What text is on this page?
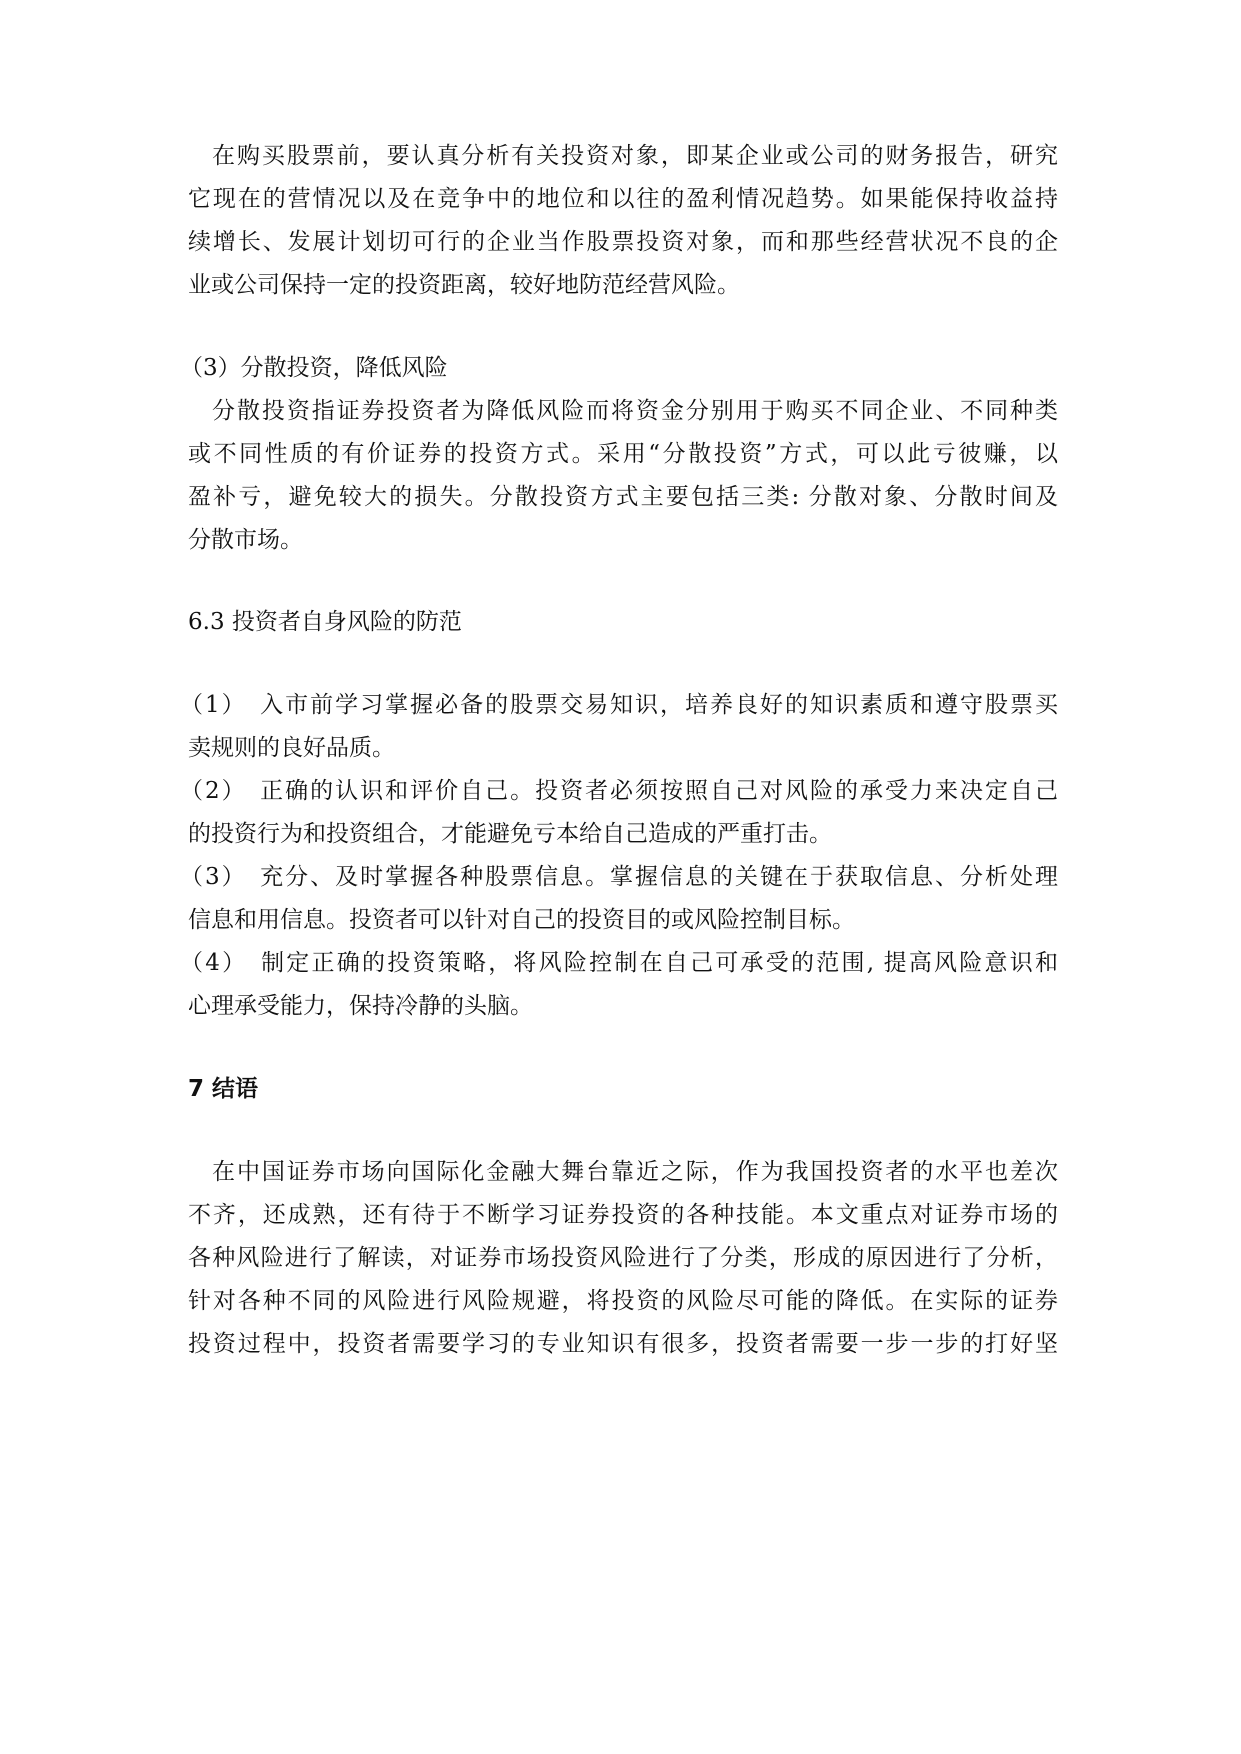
在购买股票前，要认真分析有关投资对象，即某企业或公司的财务报告，研究
它现在的营情况以及在竞争中的地位和以往的盈利情况趋势。如果能保持收益持
续增长、发展计划切可行的企业当作股票投资对象，而和那些经营状况不良的企
业或公司保持一定的投资距离，较好地防范经营风险。
（3）分散投资，降低风险
分散投资指证券投资者为降低风险而将资金分别用于购买不同企业、不同种类
或不同性质的有价证券的投资方式。采用“分散投资”方式，可以此亏彼赚，以
盈补亏，避免较大的损失。分散投资方式主要包括三类: 分散对象、分散时间及
分散市场。
6.3 投资者自身风险的防范
（1）　入市前学习掌握必备的股票交易知识，培养良好的知识素质和遵守股票买
卖规则的良好品质。
（2）　正确的认识和评价自己。投资者必须按照自己对风险的承受力来决定自己
的投资行为和投资组合，才能避免亏本给自己造成的严重打击。
（3）　充分、及时掌握各种股票信息。掌握信息的关键在于获取信息、分析处理
信息和用信息。投资者可以针对自己的投资目的或风险控制目标。
（4）　制定正确的投资策略，将风险控制在自己可承受的范围, 提高风险意识和
心理承受能力，保持冷静的头脑。
7 结语
在中国证券市场向国际化金融大舞台靠近之际，作为我国投资者的水平也差次
不齐，还成熟，还有待于不断学习证券投资的各种技能。本文重点对证券市场的
各种风险进行了解读，对证券市场投资风险进行了分类，形成的原因进行了分析，
针对各种不同的风险进行风险规避，将投资的风险尽可能的降低。在实际的证券
投资过程中，投资者需要学习的专业知识有很多，投资者需要一步一步的打好坚
